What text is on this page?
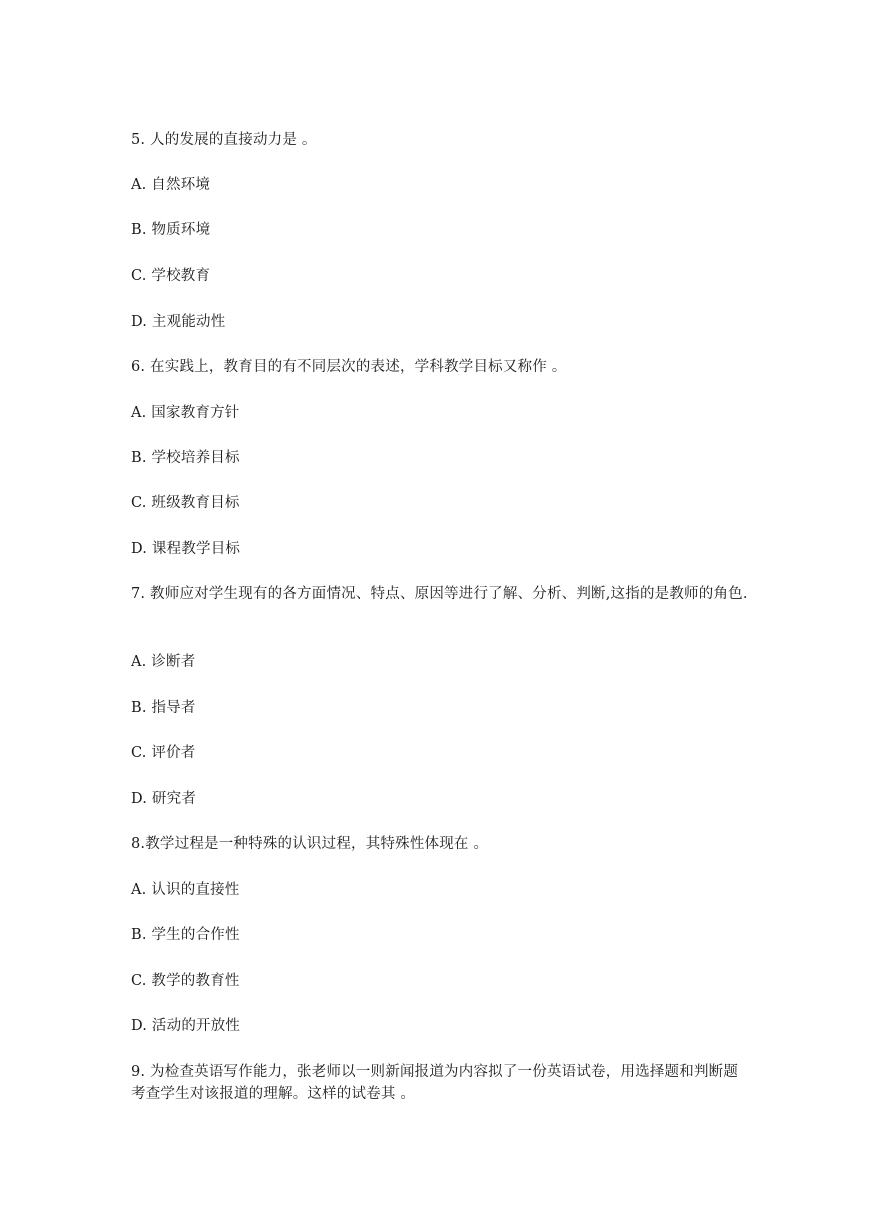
5. 人的发展的直接动力是 。
A. 自然环境
B. 物质环境
C. 学校教育
D. 主观能动性
6. 在实践上，教育目的有不同层次的表述，学科教学目标又称作 。
A. 国家教育方针
B. 学校培养目标
C. 班级教育目标
D. 课程教学目标
7. 教师应对学生现有的各方面情况、特点、原因等进行了解、分析、判断,这指的是教师的角色.
A. 诊断者
B. 指导者
C. 评价者
D. 研究者
8.教学过程是一种特殊的认识过程，其特殊性体现在 。
A. 认识的直接性
B. 学生的合作性
C. 教学的教育性
D. 活动的开放性
9. 为检查英语写作能力，张老师以一则新闻报道为内容拟了一份英语试卷，用选择题和判断题考查学生对该报道的理解。这样的试卷其 。
